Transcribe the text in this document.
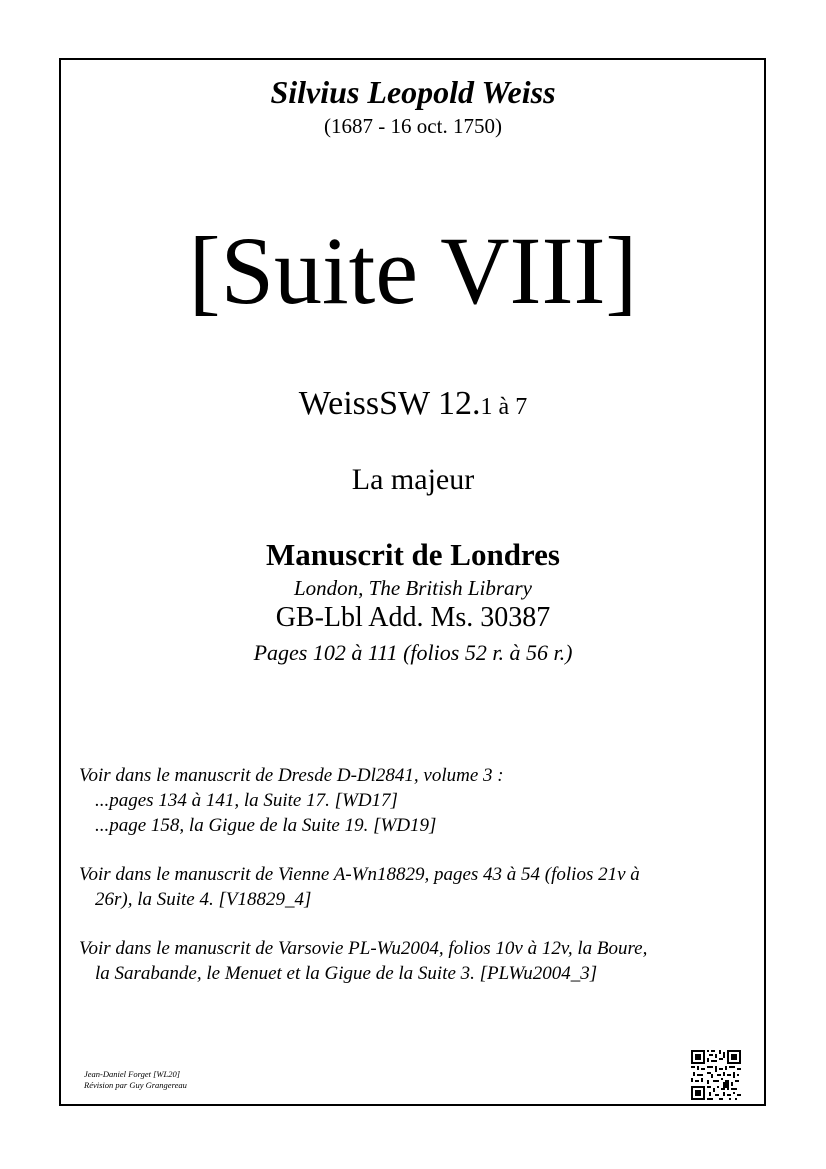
Silvius Leopold Weiss
(1687 - 16 oct. 1750)
[Suite VIII]
WeissSW 12.1 à 7
La majeur
Manuscrit de Londres
London, The British Library
GB-Lbl Add. Ms. 30387
Pages 102 à 111 (folios 52 r. à 56 r.)

Voir dans le manuscrit de Dresde D-Dl2841, volume 3 :

...pages 134 à 141, la Suite 17. [WD17]

...page 158, la Gigue de la Suite 19. [WD19]

Voir dans le manuscrit de Vienne A-Wn18829, pages 43 à 54 (folios 21v à

26r), la Suite 4. [V18829_4]

Voir dans le manuscrit de Varsovie PL-Wu2004, folios 10v à 12v, la Boure,

la Sarabande, le Menuet et la Gigue de la Suite 3. [PLWu2004_3]

Jean-Daniel Forget [WL20]
Révision par Guy Grangereau
